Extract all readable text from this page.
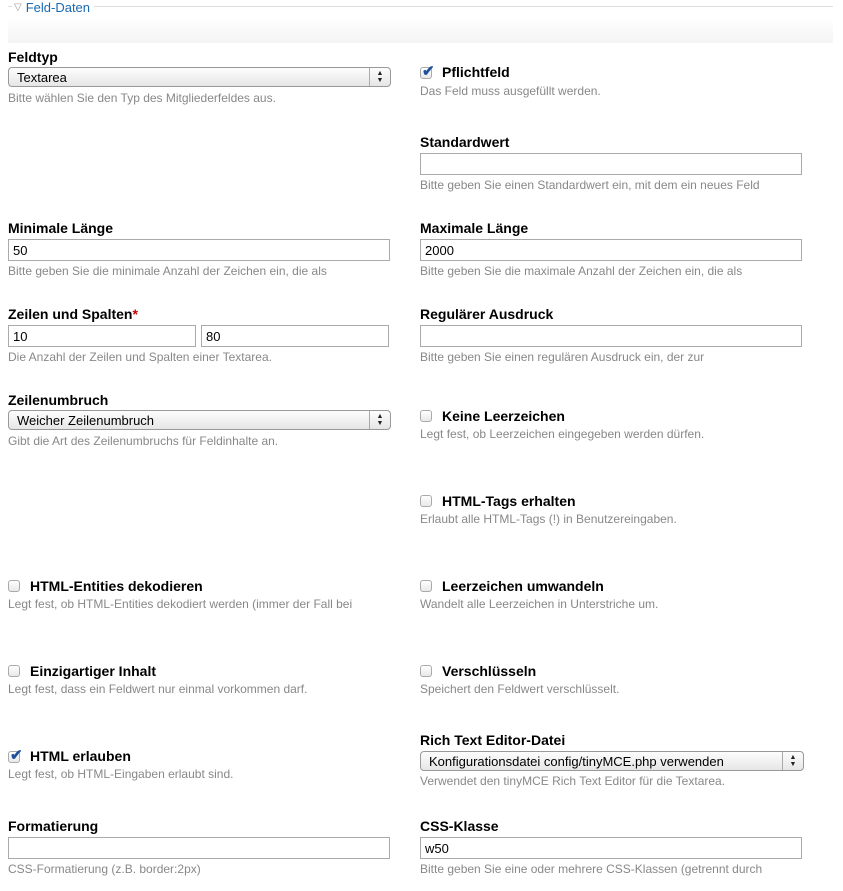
▽ Feld-Daten
Feldtyp
Textarea	▲
▼
Bitte wählen Sie den Typ des Mitgliederfeldes aus.
✔ Pflichtfeld
Das Feld muss ausgefüllt werden.
Standardwert
Bitte geben Sie einen Standardwert ein, mit dem ein neues Feld
Minimale Länge
50
Bitte geben Sie die minimale Anzahl der Zeichen ein, die als
Maximale Länge
2000
Bitte geben Sie die maximale Anzahl der Zeichen ein, die als
Zeilen und Spalten*
10
80
Die Anzahl der Zeilen und Spalten einer Textarea.
Regulärer Ausdruck
Bitte geben Sie einen regulären Ausdruck ein, der zur
Zeilenumbruch
Weicher Zeilenumbruch	▲
▼
Gibt die Art des Zeilenumbruchs für Feldinhalte an.
Keine Leerzeichen
Legt fest, ob Leerzeichen eingegeben werden dürfen.
HTML-Tags erhalten
Erlaubt alle HTML-Tags (!) in Benutzereingaben.
HTML-Entities dekodieren
Legt fest, ob HTML-Entities dekodiert werden (immer der Fall bei
Leerzeichen umwandeln
Wandelt alle Leerzeichen in Unterstriche um.
Einzigartiger Inhalt
Legt fest, dass ein Feldwert nur einmal vorkommen darf.
Verschlüsseln
Speichert den Feldwert verschlüsselt.
Rich Text Editor-Datei
Konfigurationsdatei config/tinyMCE.php verwenden	▲
▼
Verwendet den tinyMCE Rich Text Editor für die Textarea.
✔ HTML erlauben
Legt fest, ob HTML-Eingaben erlaubt sind.
Formatierung
CSS-Formatierung (z.B. border:2px)
CSS-Klasse
w50
Bitte geben Sie eine oder mehrere CSS-Klassen (getrennt durch
